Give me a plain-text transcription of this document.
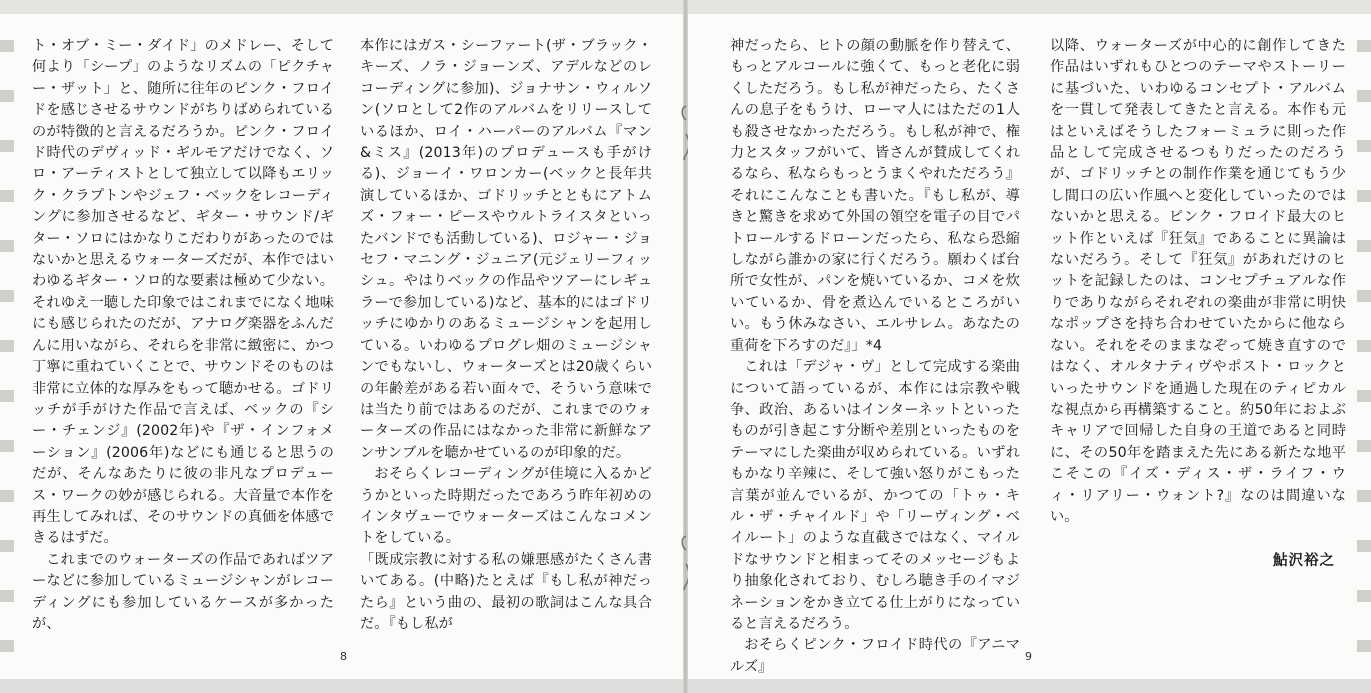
ト・オブ・ミー・ダイド」のメドレー、そして何より「シープ」のようなリズムの「ピクチャー・ザット」と、随所に往年のピンク・フロイドを感じさせるサウンドがちりばめられているのが特徴的と言えるだろうか。ピンク・フロイド時代のデヴィッド・ギルモアだけでなく、ソロ・アーティストとして独立して以降もエリック・クラプトンやジェフ・ベックをレコーディングに参加させるなど、ギター・サウンド/ギター・ソロにはかなりこだわりがあったのではないかと思えるウォーターズだが、本作ではいわゆるギター・ソロ的な要素は極めて少ない。それゆえ一聴した印象ではこれまでになく地味にも感じられたのだが、アナログ楽器をふんだんに用いながら、それらを非常に緻密に、かつ丁寧に重ねていくことで、サウンドそのものは非常に立体的な厚みをもって聴かせる。ゴドリッチが手がけた作品で言えば、ベックの『シー・チェンジ』(2002年)や『ザ・インフォメーション』(2006年)などにも通じると思うのだが、そんなあたりに彼の非凡なプロデュース・ワークの妙が感じられる。大音量で本作を再生してみれば、そのサウンドの真価を体感できるはずだ。

これまでのウォーターズの作品であればツアーなどに参加しているミュージシャンがレコーディングにも参加しているケースが多かったが、

本作にはガス・シーファート(ザ・ブラック・キーズ、ノラ・ジョーンズ、アデルなどのレコーディングに参加)、ジョナサン・ウィルソン(ソロとして2作のアルバムをリリースしているほか、ロイ・ハーパーのアルバム『マン&ミス』(2013年)のプロデュースも手がける)、ジョーイ・ワロンカー(ベックと長年共演しているほか、ゴドリッチとともにアトムズ・フォー・ピースやウルトライスタといったバンドでも活動している)、ロジャー・ジョセフ・マニング・ジュニア(元ジェリーフィッシュ。やはりベックの作品やツアーにレギュラーで参加している)など、基本的にはゴドリッチにゆかりのあるミュージシャンを起用している。いわゆるプログレ畑のミュージシャンでもないし、ウォーターズとは20歳くらいの年齢差がある若い面々で、そういう意味では当たり前ではあるのだが、これまでのウォーターズの作品にはなかった非常に新鮮なアンサンブルを聴かせているのが印象的だ。

おそらくレコーディングが佳境に入るかどうかといった時期だったであろう昨年初めのインタヴューでウォーターズはこんなコメントをしている。

「既成宗教に対する私の嫌悪感がたくさん書いてある。(中略)たとえば『もし私が神だったら』という曲の、最初の歌詞はこんな具合だ。『もし私が

8

神だったら、ヒトの顔の動脈を作り替えて、もっとアルコールに強くて、もっと老化に弱くしただろう。もし私が神だったら、たくさんの息子をもうけ、ローマ人にはただの1人も殺させなかっただろう。もし私が神で、権力とスタッフがいて、皆さんが賛成してくれるなら、私ならもっとうまくやれただろう』それにこんなことも書いた。『もし私が、導きと驚きを求めて外国の領空を電子の目でパトロールするドローンだったら、私なら恐縮しながら誰かの家に行くだろう。願わくば台所で女性が、パンを焼いているか、コメを炊いているか、骨を煮込んでいるところがいい。もう休みなさい、エルサレム。あなたの重荷を下ろすのだ』」*4

これは「デジャ・ヴ」として完成する楽曲について語っているが、本作には宗教や戦争、政治、あるいはインターネットといったものが引き起こす分断や差別といったものをテーマにした楽曲が収められている。いずれもかなり辛辣に、そして強い怒りがこもった言葉が並んでいるが、かつての「トゥ・キル・ザ・チャイルド」や「リーヴィング・ベイルート」のような直截さではなく、マイルドなサウンドと相まってそのメッセージもより抽象化されており、むしろ聴き手のイマジネーションをかき立てる仕上がりになっていると言えるだろう。

おそらくピンク・フロイド時代の『アニマルズ』

以降、ウォーターズが中心的に創作してきた作品はいずれもひとつのテーマやストーリーに基づいた、いわゆるコンセプト・アルバムを一貫して発表してきたと言える。本作も元はといえばそうしたフォーミュラに則った作品として完成させるつもりだったのだろうが、ゴドリッチとの制作作業を通じてもう少し間口の広い作風へと変化していったのではないかと思える。ピンク・フロイド最大のヒット作といえば『狂気』であることに異論はないだろう。そして『狂気』があれだけのヒットを記録したのは、コンセプチュアルな作りでありながらそれぞれの楽曲が非常に明快なポップさを持ち合わせていたからに他ならない。それをそのままなぞって焼き直すのではなく、オルタナティヴやポスト・ロックといったサウンドを通過した現在のティピカルな視点から再構築すること。約50年におよぶキャリアで回帰した自身の王道であると同時に、その50年を踏まえた先にある新たな地平こそこの『イズ・ディス・ザ・ライフ・ウィ・リアリー・ウォント?』なのは間違いない。

鮎沢裕之
9
